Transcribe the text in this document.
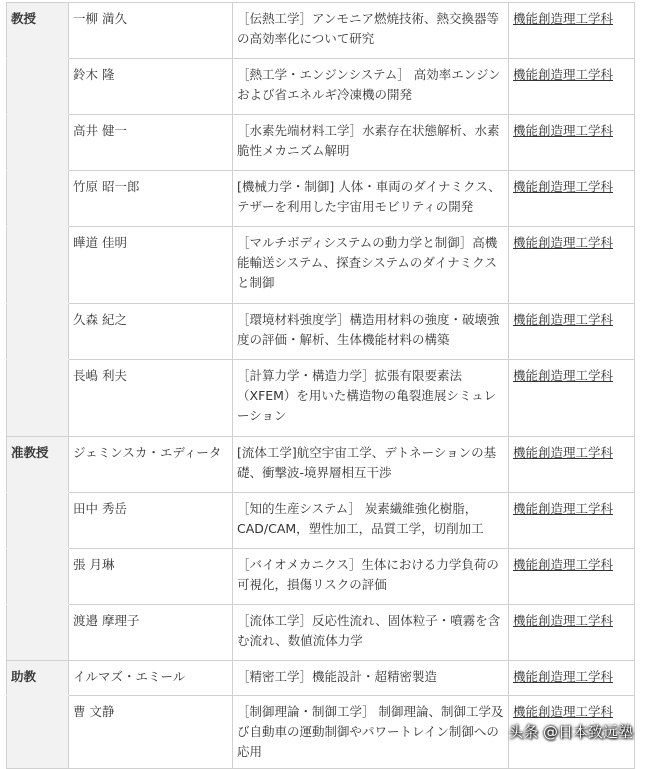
教授	一柳 満久	［伝熱工学］アンモニア燃焼技術、熱交換器等の高効率化について研究	機能創造理工学科
	鈴木 隆	［熱工学・エンジンシステム］ 高効率エンジンおよび省エネルギ冷凍機の開発	機能創造理工学科
	高井 健一	［水素先端材料工学］水素存在状態解析、水素脆性メカニズム解明	機能創造理工学科
	竹原 昭一郎	[機械力学・制御] 人体・車両のダイナミクス、テザーを利用した宇宙用モビリティの開発	機能創造理工学科
	曄道 佳明	［マルチボディシステムの動力学と制御］高機能輸送システム、探査システムのダイナミクスと制御	機能創造理工学科
	久森 紀之	［環境材料強度学］構造用材料の強度・破壊強度の評価・解析、生体機能材料の構築	機能創造理工学科
	長嶋 利夫	［計算力学・構造力学］拡張有限要素法（XFEM）を用いた構造物の亀裂進展シミュレーション	機能創造理工学科
准教授	ジェミンスカ・エディータ	[流体工学]航空宇宙工学、デトネーションの基礎、衝撃波-境界層相互干渉	機能創造理工学科
	田中 秀岳	［知的生産システム］ 炭素繊維強化樹脂，CAD/CAM，塑性加工，品質工学，切削加工	機能創造理工学科
	張 月琳	［バイオメカニクス］生体における力学負荷の可視化，損傷リスクの評価	機能創造理工学科
	渡邉 摩理子	［流体工学］反応性流れ、固体粒子・噴霧を含む流れ、数値流体力学	機能創造理工学科
助教	イルマズ・エミール	［精密工学］機能設計・超精密製造	機能創造理工学科
	曹 文静	［制御理論・制御工学］ 制御理論、制御工学及び自動車の運動制御やパワートレイン制御への応用	機能創造理工学科
头条 @日本致远塾
